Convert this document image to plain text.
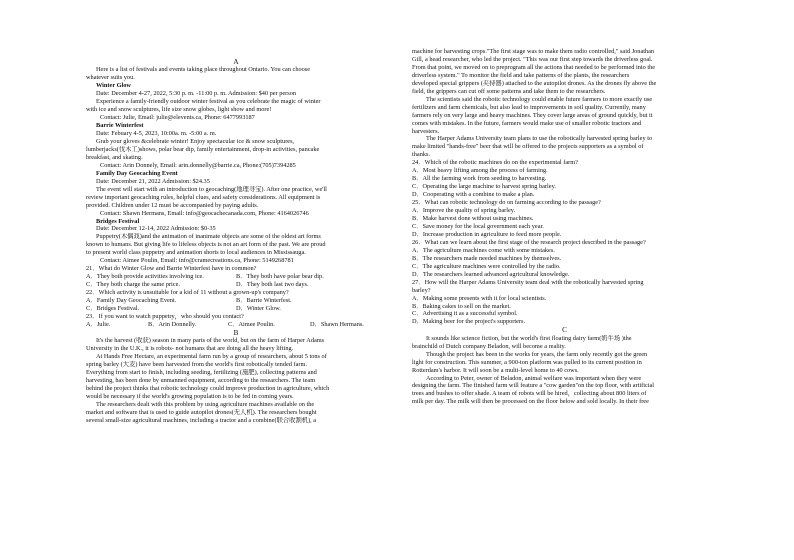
A

Here is a list of festivals and events taking place throughout Ontario. You can choose

whatever suits you.

Winter Glow

Date: December 4-27, 2022, 5:30 p. m. -11:00 p. m. Admission: $40 per person

Experience a family-friendly outdoor winter festival as you celebrate the magic of winter

with ice and snow sculptures, life size snow globes, light show and more!

Contact: Julie, Email: julie@elevents.ca, Phone: 6477993187

Barrie Winterfest

Date: Febuary 4-5, 2023, 10:00a. m. -5:00 a. m.

Grab your gloves &celebrate winter! Enjoy spectacular ice & snow sculptures,

lumberjacks(伐木工)shows, polar bear dip, family entertainment, drop-in activities, pancake

breakfast, and skating.

Contact: Arin Donnely, Email: arin.donnelly@barrie.ca, Phone:(705)7394285

Family Day Geocaching Event

Date: December 21, 2022 Admission: $24.35

The event will start with an introduction to geocaching(地理寻宝). After one practice, we'll

review important geocaching rules, helpful clues, and safety considerations. All equipment is

provided. Children under 12 must be accompanied by paying adults.

Contact: Shawn Hermans, Email: info@geocachecanada.com, Phone: 4164026746

Bridges Festival

Date: December 12-14, 2022 Admission: $0-35

Puppetry(木偶戏)and the animation of inanimate objects are some of the oldest art forms

known to humans. But giving life to lifeless objects is not an art form of the past. We are proud

to present world class puppetry and animation shorts to local audiences in Mississauga.

Contact: Aimee Poulin, Email: info@cramecreations.ca, Phone: 5149268781

21．What do Winter Glow and Barrie Winterfest have in common?

A．They both provide activities involving ice.	B．They both have polar bear dip.
C．They both charge the same price.	D．They both last two days.

22．Which activity is unsuitable for a kid of 11 without a grown-up's company?

A．Family Day Geocaching Event.	B．Barrie Winterfest.
C．Bridges Festival.	D．Winter Glow.

23．If you want to watch puppetry，who should you contact?

A．Julie.	B．Arin Donnelly.	C．Aimee Poulin.	D．Shawn Hermans.

B

It's the harvest (收获) season in many parts of the world, but on the farm of Harper Adams

University in the U.K., it is robots- not humans that are doing all the heavy lifting.

At Hands Free Hectare, an experimental farm run by a group of researchers, about 5 tons of

spring barley (大麦) have been harvested from the world's first robotically tended farm.

Everything from start to finish, including seeding, fertilizing (施肥), collecting patterns and

harvesting, has been done by unmanned equipment, according to the researchers. The team

behind the project thinks that robotic technology could improve production in agriculture, which

would be necessary if the world's growing population is to be fed in coming years.

The researchers dealt with this problem by using agriculture machines available on the

market and software that is used to guide autopilot drones(无人机). The researchers bought

several small-size agricultural machines, including a tractor and a combine(联合收割机), a

machine for harvesting crops."The first stage was to make them radio controlled," said Jonathan

Gill, a head researcher, who led the project. "This was our first step towards the driverless goal.

From that point, we moved on to preprogram all the actions that needed to be performed into the

driverless system." To monitor the field and take patterns of the plants, the researchers

developed special grippers (夹持器) attached to the autopilot drones. As the drones fly above the

field, the grippers can cut off some patterns and take them to the researchers.

The scientists said the robotic technology could enable future farmers to more exactly use

fertilizers and farm chemicals, but also lead to improvements in soil quality. Currently, many

farmers rely on very large and heavy machines. They cover large areas of ground quickly, but it

comes with mistakes. In the future, farmers would make use of smaller robotic tractors and

harvesters.

The Harper Adams University team plans to use the robotically harvested spring barley to

make limited "hands-free" beer that will be offered to the projects supporters as a symbol of

thanks.

24．Which of the robotic machines do on the experimental farm?

A．Most heavy lifting among the process of farming.

B．All the farming work from seeding to harvesting.

C．Operating the large machine to harvest spring barley.

D．Cooperating with a combine to make a plan.

25．What can robotic technology do on farming according to the passage?

A．Improve the quality of spring barley.

B．Make harvest done without using machines.

C．Save money for the local government each year.

D．Increase production in agriculture to feed more people.

26．What can we learn about the first stage of the research project described in the passage?

A．The agriculture machines come with some mistakes.

B．The researchers made needed machines by themselves.

C．The agriculture machines were controlled by the radio.

D．The researchers learned advanced agricultural knowledge.

27．How will the Harper Adams University team deal with the robotically harvested spring

barley?

A．Making some presents with it for local scientists.

B．Baking cakes to sell on the market.

C．Advertising it as a successful symbol.

D．Making beer for the project's supporters.

C

It sounds like science fiction, but the world's first floating dairy farm(奶牛场 )the

brainchild of Dutch company Beladon, will become a reality.

Though the project has been in the works for years, the farm only recently got the green

light for construction. This summer, a 900-ton platform was pulled to its current position in

Rotterdam's harbor. It will soon be a multi-level home to 40 cows.

According to Peter, owner of Beladon, animal welfare was important when they were

designing the farm. The finished farm will feature a "cow garden"on the top floor, with artificial

trees and bushes to offer shade. A team of robots will be hired，collecting about 800 liters of

milk per day. The milk will then be processed on the floor below and sold locally. In their free
